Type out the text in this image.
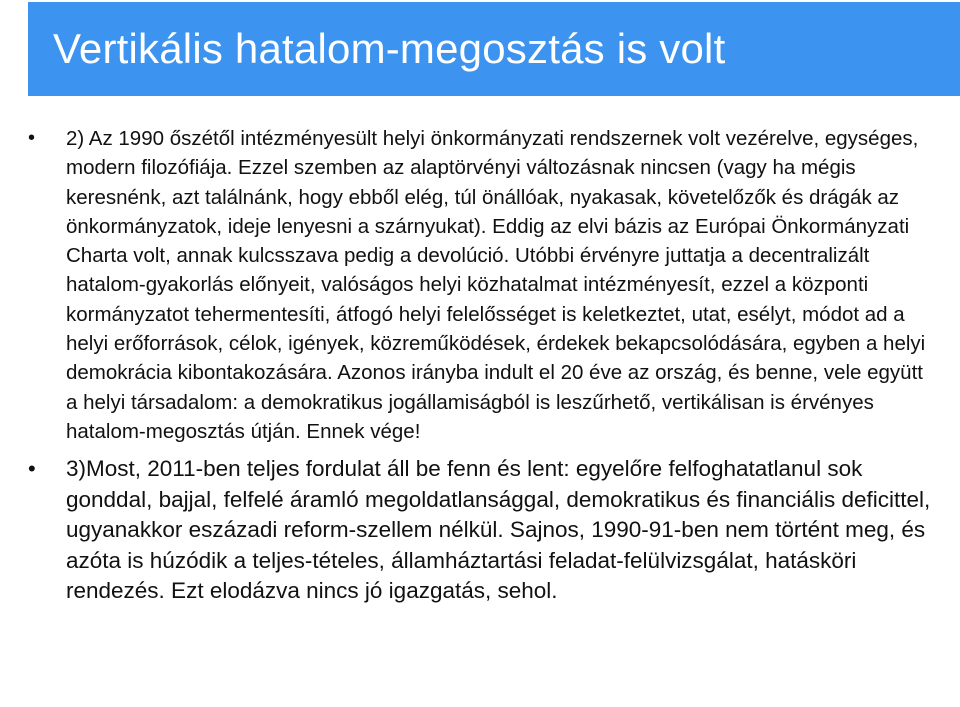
Vertikális hatalom-megosztás is volt
• 2) Az 1990 őszétől intézményesült helyi önkormányzati rendszernek volt vezérelve, egységes, modern filozófiája. Ezzel szemben az alaptörvényi változásnak nincsen (vagy ha mégis keresnénk, azt találnánk, hogy ebből elég, túl önállóak, nyakasak, követelőzők és drágák az önkormányzatok, ideje lenyesni a szárnyukat). Eddig az elvi bázis az Európai Önkormányzati Charta volt, annak kulcsszava pedig a devolúció. Utóbbi érvényre juttatja a decentralizált hatalom-gyakorlás előnyeit, valóságos helyi közhatalmat intézményesít, ezzel a központi kormányzatot tehermentesíti, átfogó helyi felelősséget is keletkeztet, utat, esélyt, módot ad a helyi erőforrások, célok, igények, közreműködések, érdekek bekapcsolódására, egyben a helyi demokrácia kibontakozására. Azonos irányba indult el 20 éve az ország, és benne, vele együtt a helyi társadalom: a demokratikus jogállamiságból is leszűrhető, vertikálisan is érvényes hatalom-megosztás útján. Ennek vége!
• 3)Most, 2011-ben teljes fordulat áll be fenn és lent: egyelőre felfoghatatlanul sok gonddal, bajjal, felfelé áramló megoldatlansággal, demokratikus és financiális deficittel, ugyanakkor eszázadi reform-szellem nélkül. Sajnos, 1990-91-ben nem történt meg, és azóta is húzódik a teljes-tételes, államháztartási feladat-felülvizsgálat, hatásköri rendezés. Ezt elodázva nincs jó igazgatás, sehol.
